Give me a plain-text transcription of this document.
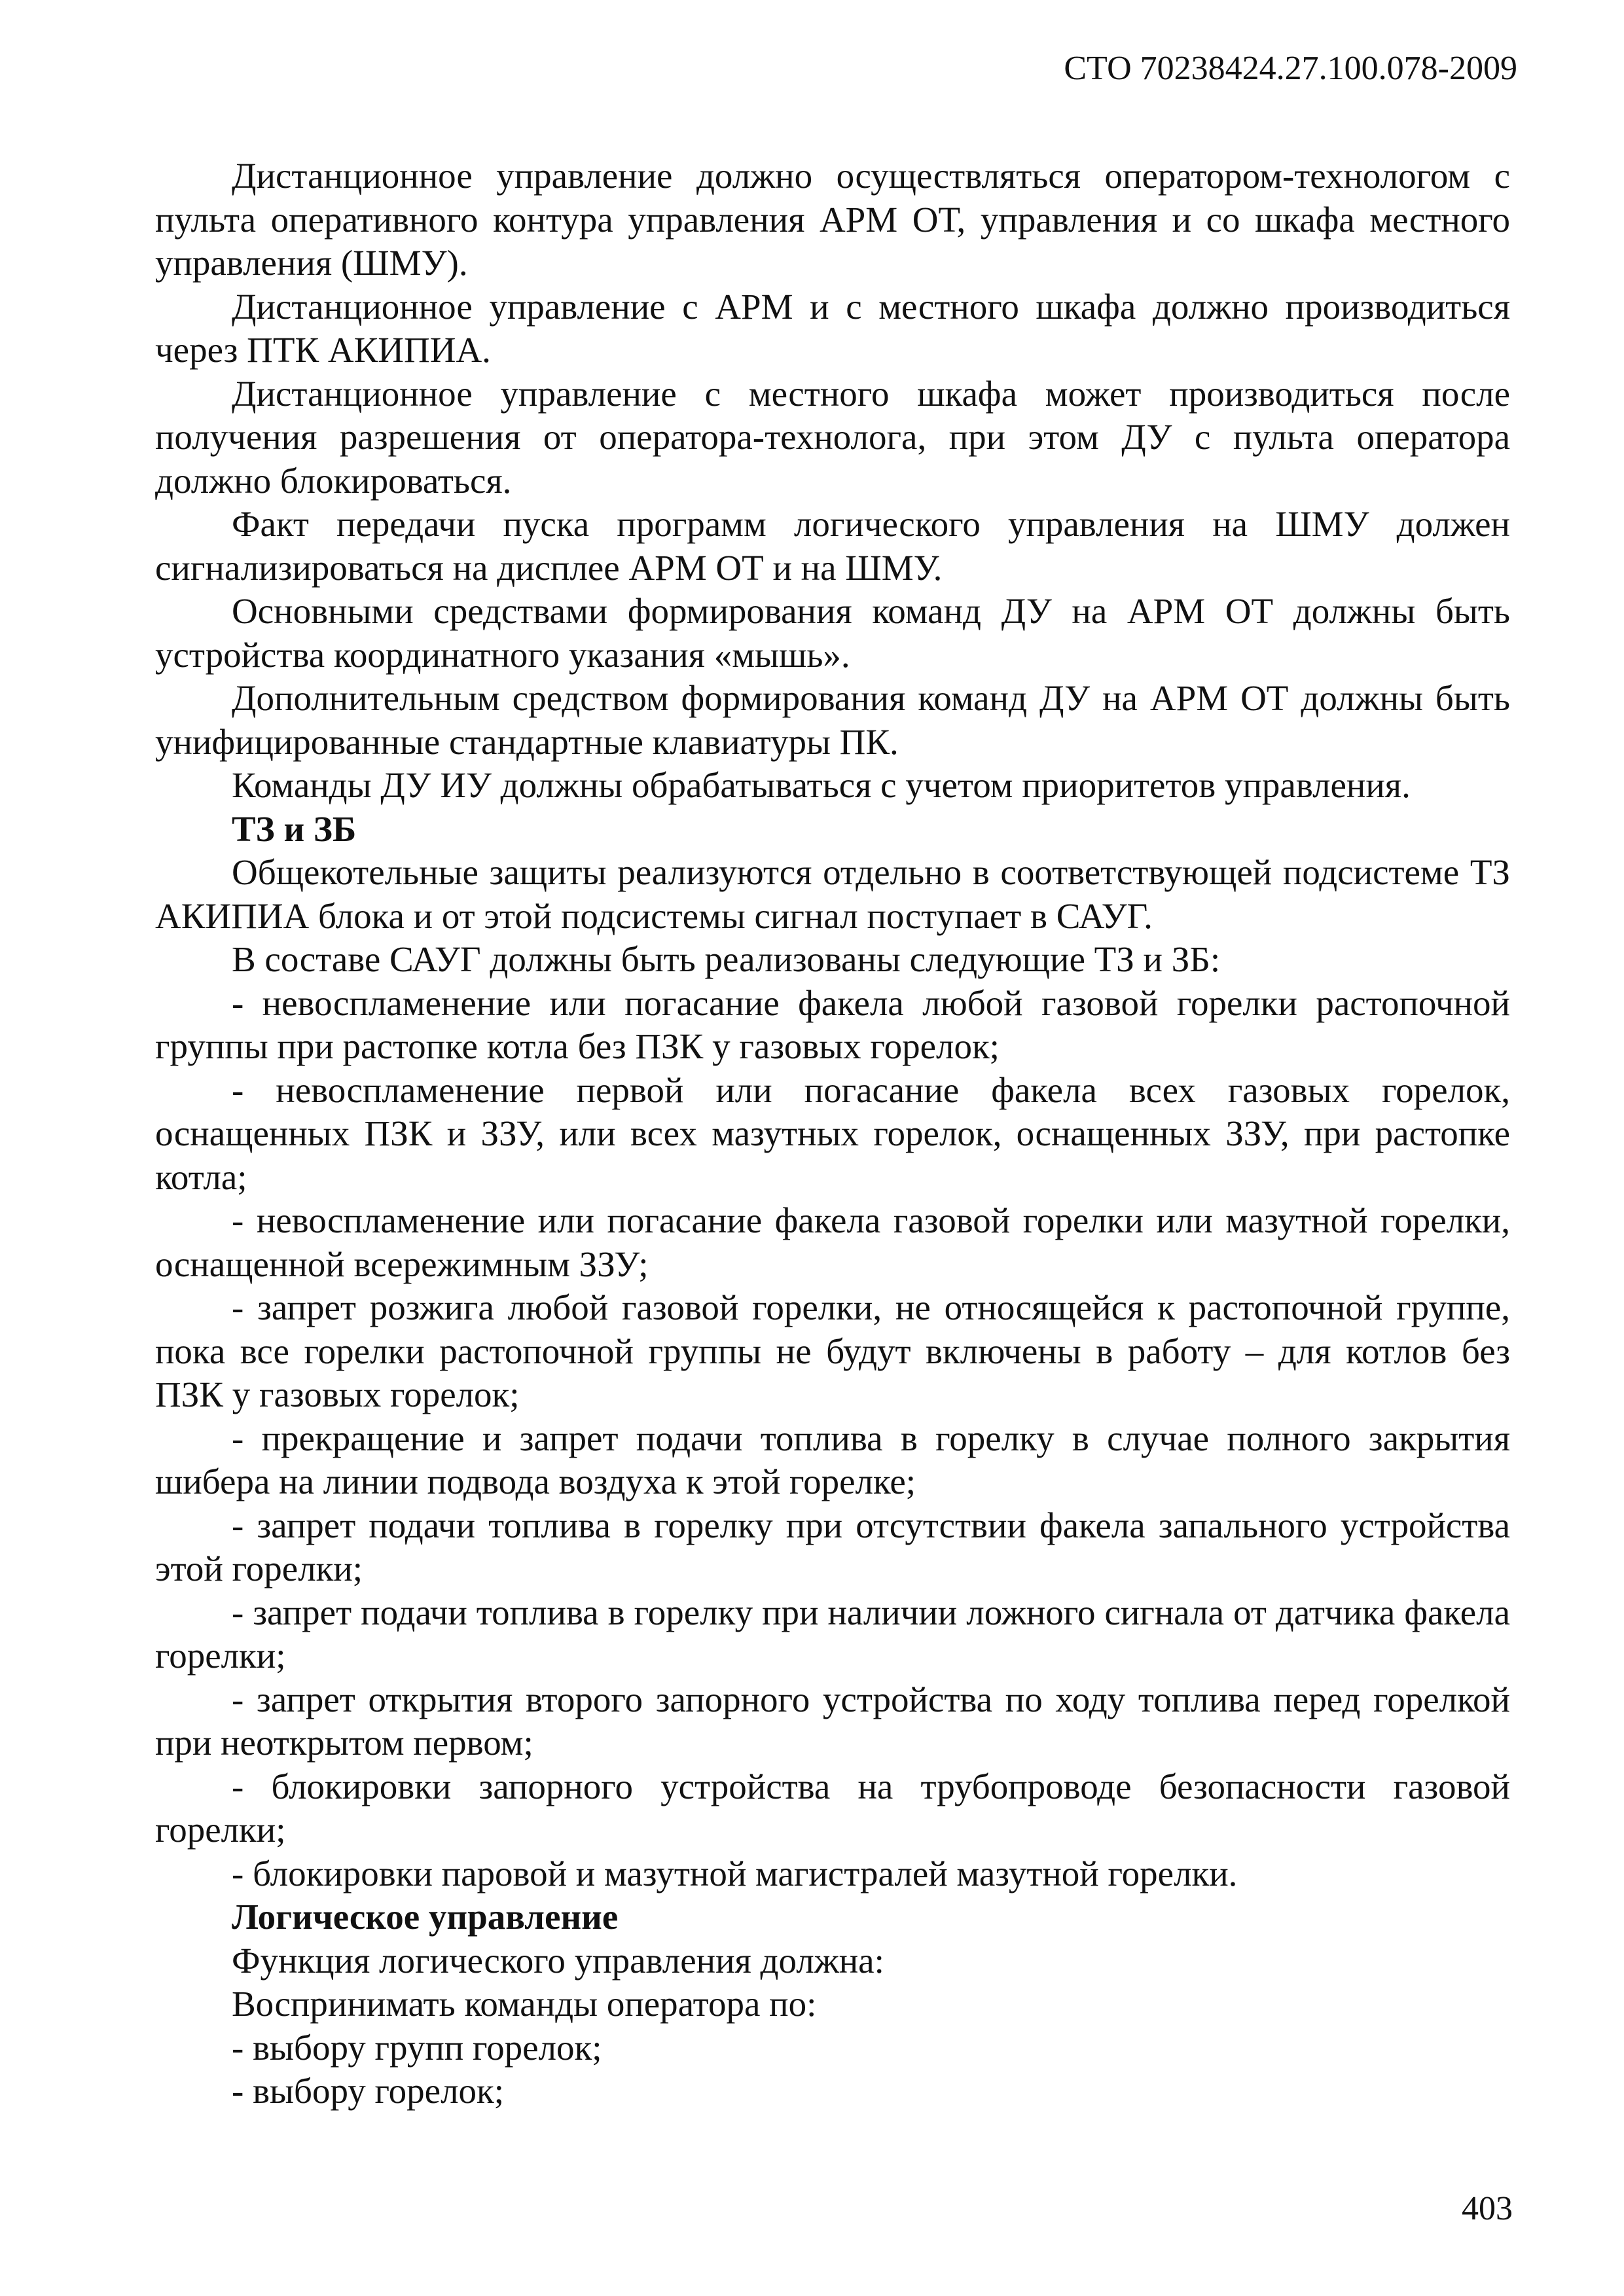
СТО 70238424.27.100.078-2009

Дистанционное управление должно осуществляться оператором-технологом с пульта оперативного контура управления АРМ ОТ, управления и со шкафа местного управления (ШМУ).

Дистанционное управление с АРМ и с местного шкафа должно производиться через ПТК АКИПИА.

Дистанционное управление с местного шкафа может производиться после получения разрешения от оператора-технолога, при этом ДУ с пульта оператора должно блокироваться.

Факт передачи пуска программ логического управления на ШМУ должен сигнализироваться на дисплее АРМ ОТ и на ШМУ.

Основными средствами формирования команд ДУ на АРМ ОТ должны быть устройства координатного указания «мышь».

Дополнительным средством формирования команд ДУ на АРМ ОТ должны быть унифицированные стандартные клавиатуры ПК.

Команды ДУ ИУ должны обрабатываться с учетом приоритетов управления.

ТЗ и ЗБ

Общекотельные защиты реализуются отдельно в соответствующей подсистеме ТЗ АКИПИА блока и от этой подсистемы сигнал поступает в САУГ.

В составе САУГ должны быть реализованы следующие ТЗ и ЗБ:

- невоспламенение или погасание факела любой газовой горелки растопочной группы при растопке котла без ПЗК у газовых горелок;

- невоспламенение первой или погасание факела всех газовых горелок, оснащенных ПЗК и ЗЗУ, или всех мазутных горелок, оснащенных ЗЗУ, при растопке котла;

- невоспламенение или погасание факела газовой горелки или мазутной горелки, оснащенной всережимным ЗЗУ;

- запрет розжига любой газовой горелки, не относящейся к растопочной группе, пока все горелки растопочной группы не будут включены в работу – для котлов без ПЗК у газовых горелок;

- прекращение и запрет подачи топлива в горелку в случае полного закрытия шибера на линии подвода воздуха к этой горелке;

- запрет подачи топлива в горелку при отсутствии факела запального устройства этой горелки;

- запрет подачи топлива в горелку при наличии ложного сигнала от датчика факела горелки;

- запрет открытия второго запорного устройства по ходу топлива перед горелкой при неоткрытом первом;

- блокировки запорного устройства на трубопроводе безопасности газовой горелки;

- блокировки паровой и мазутной магистралей мазутной горелки.

Логическое управление

Функция логического управления должна:

Воспринимать команды оператора по:

- выбору групп горелок;

- выбору горелок;

403
